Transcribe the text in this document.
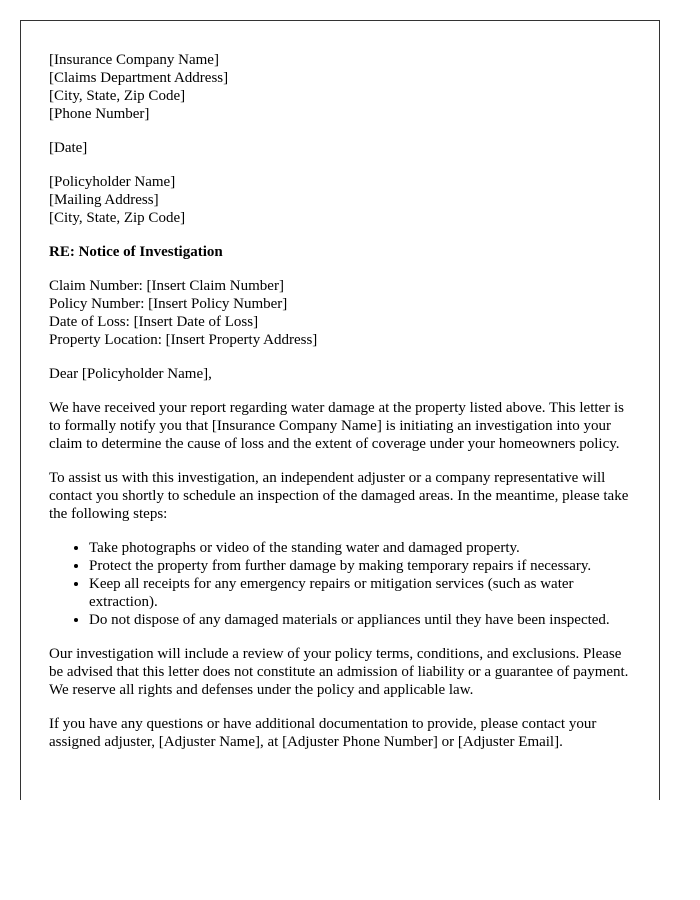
[Insurance Company Name]
[Claims Department Address]
[City, State, Zip Code]
[Phone Number]
[Date]
[Policyholder Name]
[Mailing Address]
[City, State, Zip Code]
RE: Notice of Investigation
Claim Number: [Insert Claim Number]
Policy Number: [Insert Policy Number]
Date of Loss: [Insert Date of Loss]
Property Location: [Insert Property Address]

Dear [Policyholder Name],

We have received your report regarding water damage at the property listed above. This letter is to formally notify you that [Insurance Company Name] is initiating an investigation into your claim to determine the cause of loss and the extent of coverage under your homeowners policy.

To assist us with this investigation, an independent adjuster or a company representative will contact you shortly to schedule an inspection of the damaged areas. In the meantime, please take the following steps:

• Take photographs or video of the standing water and damaged property.
• Protect the property from further damage by making temporary repairs if necessary.
• Keep all receipts for any emergency repairs or mitigation services (such as water extraction).
• Do not dispose of any damaged materials or appliances until they have been inspected.

Our investigation will include a review of your policy terms, conditions, and exclusions. Please be advised that this letter does not constitute an admission of liability or a guarantee of payment. We reserve all rights and defenses under the policy and applicable law.

If you have any questions or have additional documentation to provide, please contact your assigned adjuster, [Adjuster Name], at [Adjuster Phone Number] or [Adjuster Email].
